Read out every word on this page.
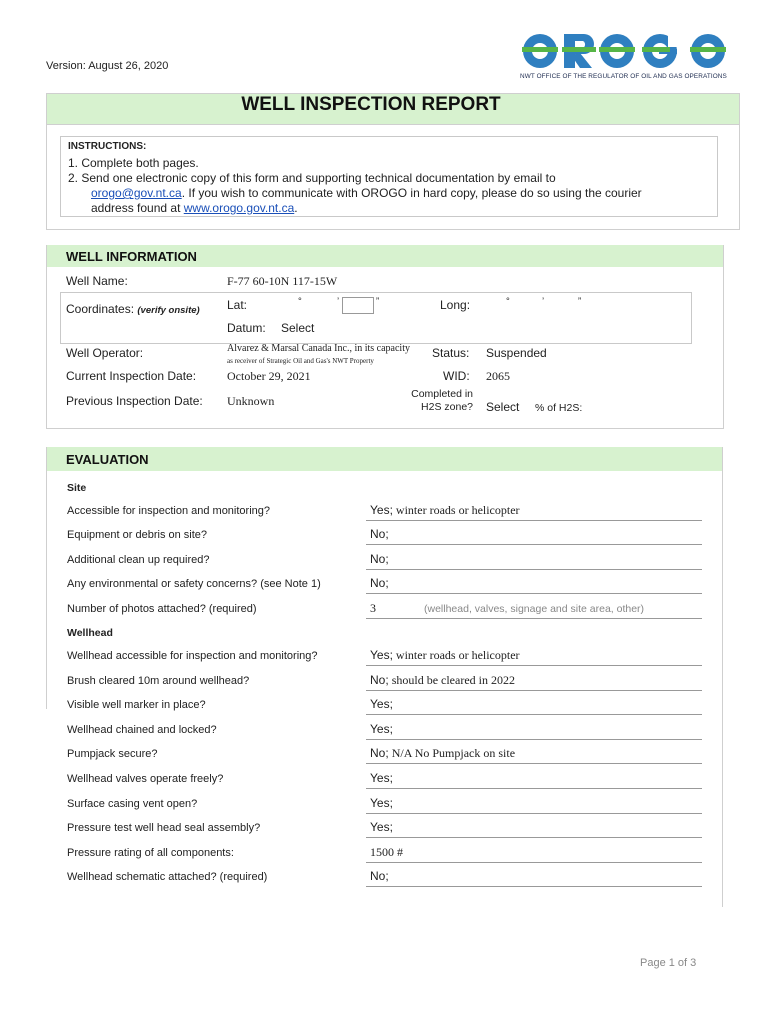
Version: August 26, 2020
NWT OFFICE OF THE REGULATOR OF OIL AND GAS OPERATIONS
WELL INSPECTION REPORT
INSTRUCTIONS:
1. Complete both pages.
2. Send one electronic copy of this form and supporting technical documentation by email to
orogo@gov.nt.ca. If you wish to communicate with OROGO in hard copy, please do so using the courier
address found at www.orogo.gov.nt.ca.
WELL INFORMATION
Well Name:	F-77 60-10N 117-15W
Coordinates: (verify onsite) Lat:	°	’	”	Long:	°	’	”
Datum: Select
Well Operator:	Alvarez & Marsal Canada Inc., in its capacity
as receiver of Strategic Oil and Gas's NWT Property
Status: Suspended
Current Inspection Date:	October 29, 2021	WID: 2065
Previous Inspection Date: Unknown	Completed in
H2S zone? Select % of H2S:
EVALUATION
Site
Accessible for inspection and monitoring?	Yes; winter roads or helicopter
Equipment or debris on site?	No;
Additional clean up required?	No;
Any environmental or safety concerns? (see Note 1)	No;
Number of photos attached? (required)	3	(wellhead, valves, signage and site area, other)
Wellhead
Wellhead accessible for inspection and monitoring?	Yes; winter roads or helicopter
Brush cleared 10m around wellhead?	No; should be cleared in 2022
Visible well marker in place?	Yes;
Wellhead chained and locked?	Yes;
Pumpjack secure?	No; N/A No Pumpjack on site
Wellhead valves operate freely?	Yes;
Surface casing vent open?	Yes;
Pressure test well head seal assembly?	Yes;
Pressure rating of all components:	1500 #
Wellhead schematic attached? (required)	No;
Page 1 of 3
